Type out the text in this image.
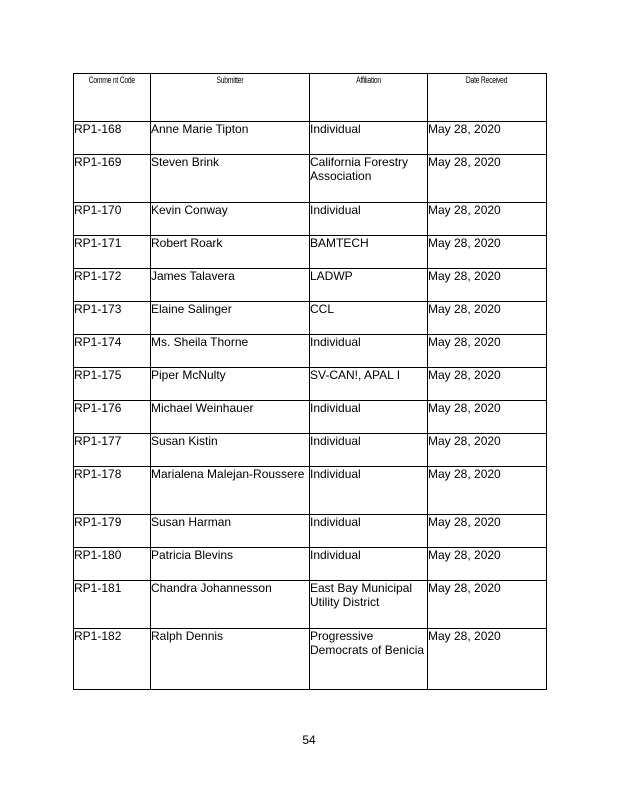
Comme nt Code	Submitter	Affiliation	Date Received
RP1-168	Anne Marie Tipton	Individual	May 28, 2020
RP1-169	Steven Brink	California Forestry Association	May 28, 2020
RP1-170	Kevin Conway	Individual	May 28, 2020
RP1-171	Robert Roark	BAMTECH	May 28, 2020
RP1-172	James Talavera	LADWP	May 28, 2020
RP1-173	Elaine Salinger	CCL	May 28, 2020
RP1-174	Ms. Sheila Thorne	Individual	May 28, 2020
RP1-175	Piper McNulty	SV-CAN!, APAL I	May 28, 2020
RP1-176	Michael Weinhauer	Individual	May 28, 2020
RP1-177	Susan Kistin	Individual	May 28, 2020
RP1-178	Marialena Malejan-Roussere	Individual	May 28, 2020
RP1-179	Susan Harman	Individual	May 28, 2020
RP1-180	Patricia Blevins	Individual	May 28, 2020
RP1-181	Chandra Johannesson	East Bay Municipal Utility District	May 28, 2020
RP1-182	Ralph Dennis	Progressive Democrats of Benicia	May 28, 2020
54
